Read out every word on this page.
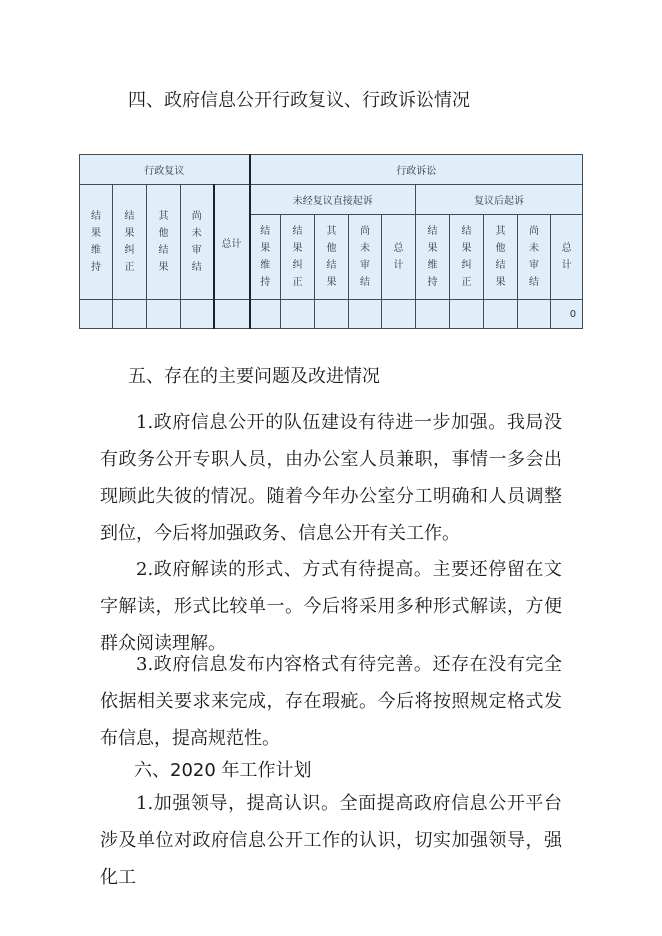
四、政府信息公开行政复议、行政诉讼情况
行政复议					行政诉讼									
结果维持	结果纠正	其他结果	尚未审结	总计	未经复议直接起诉					复议后起诉				
					结果维持	结果纠正	其他结果	尚未审结	总计	结果维持	结果纠正	其他结果	尚未审结	总计
														0
五、存在的主要问题及改进情况

1.政府信息公开的队伍建设有待进一步加强。我局没有政务公开专职人员，由办公室人员兼职，事情一多会出现顾此失彼的情况。随着今年办公室分工明确和人员调整到位，今后将加强政务、信息公开有关工作。

2.政府解读的形式、方式有待提高。主要还停留在文字解读，形式比较单一。今后将采用多种形式解读，方便群众阅读理解。

3.政府信息发布内容格式有待完善。还存在没有完全依据相关要求来完成，存在瑕疵。今后将按照规定格式发布信息，提高规范性。

六、2020 年工作计划

1.加强领导，提高认识。全面提高政府信息公开平台涉及单位对政府信息公开工作的认识，切实加强领导，强化工
